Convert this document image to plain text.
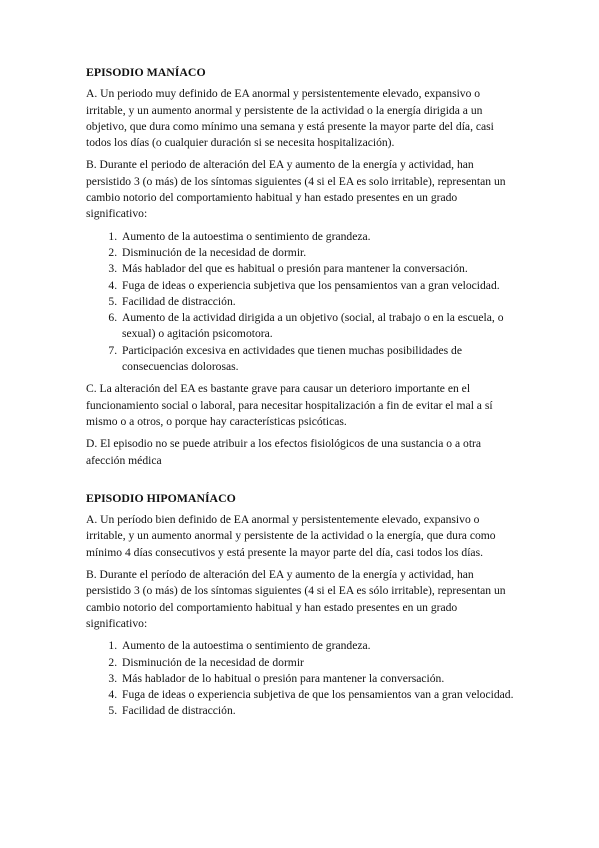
EPISODIO MANÍACO

A. Un periodo muy definido de EA anormal y persistentemente elevado, expansivo o irritable, y un aumento anormal y persistente de la actividad o la energía dirigida a un objetivo, que dura como mínimo una semana y está presente la mayor parte del día, casi todos los días (o cualquier duración si se necesita hospitalización).

B. Durante el periodo de alteración del EA y aumento de la energía y actividad, han persistido 3 (o más) de los síntomas siguientes (4 si el EA es solo irritable), representan un cambio notorio del comportamiento habitual y han estado presentes en un grado significativo:

1. Aumento de la autoestima o sentimiento de grandeza.
2. Disminución de la necesidad de dormir.
3. Más hablador del que es habitual o presión para mantener la conversación.
4. Fuga de ideas o experiencia subjetiva que los pensamientos van a gran velocidad.
5. Facilidad de distracción.
6. Aumento de la actividad dirigida a un objetivo (social, al trabajo o en la escuela, o sexual) o agitación psicomotora.
7. Participación excesiva en actividades que tienen muchas posibilidades de consecuencias dolorosas.

C. La alteración del EA es bastante grave para causar un deterioro importante en el funcionamiento social o laboral, para necesitar hospitalización a fin de evitar el mal a sí mismo o a otros, o porque hay características psicóticas.

D. El episodio no se puede atribuir a los efectos fisiológicos de una sustancia o a otra afección médica

EPISODIO HIPOMANÍACO

A. Un período bien definido de EA anormal y persistentemente elevado, expansivo o irritable, y un aumento anormal y persistente de la actividad o la energía, que dura como mínimo 4 días consecutivos y está presente la mayor parte del día, casi todos los días.

B. Durante el período de alteración del EA y aumento de la energía y actividad, han persistido 3 (o más) de los síntomas siguientes (4 si el EA es sólo irritable), representan un cambio notorio del comportamiento habitual y han estado presentes en un grado significativo:

1. Aumento de la autoestima o sentimiento de grandeza.
2. Disminución de la necesidad de dormir
3. Más hablador de lo habitual o presión para mantener la conversación.
4. Fuga de ideas o experiencia subjetiva de que los pensamientos van a gran velocidad.
5. Facilidad de distracción.
